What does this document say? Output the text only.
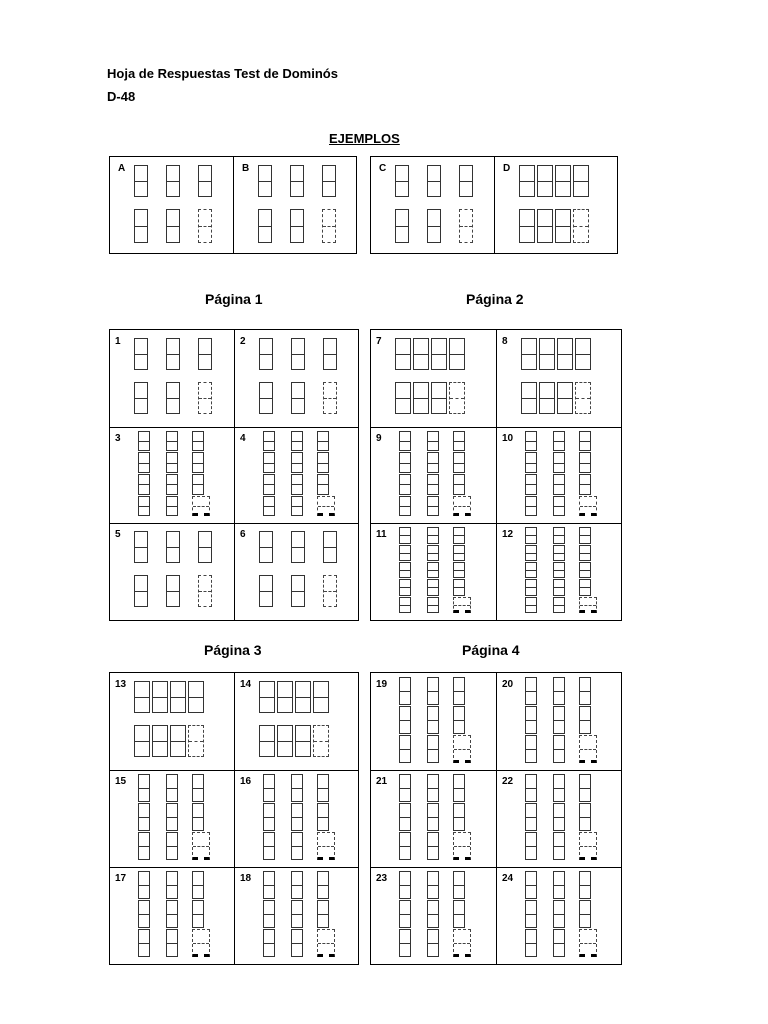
Hoja de Respuestas Test de Dominós
D-48
EJEMPLOS
Página 1	Página 2
Página 3	Página 4
A	B	C	D
1	2
3	4
5	6
7	8
9	10
11	12
13	14
15	16
17	18
19	20
21	22
23	24
